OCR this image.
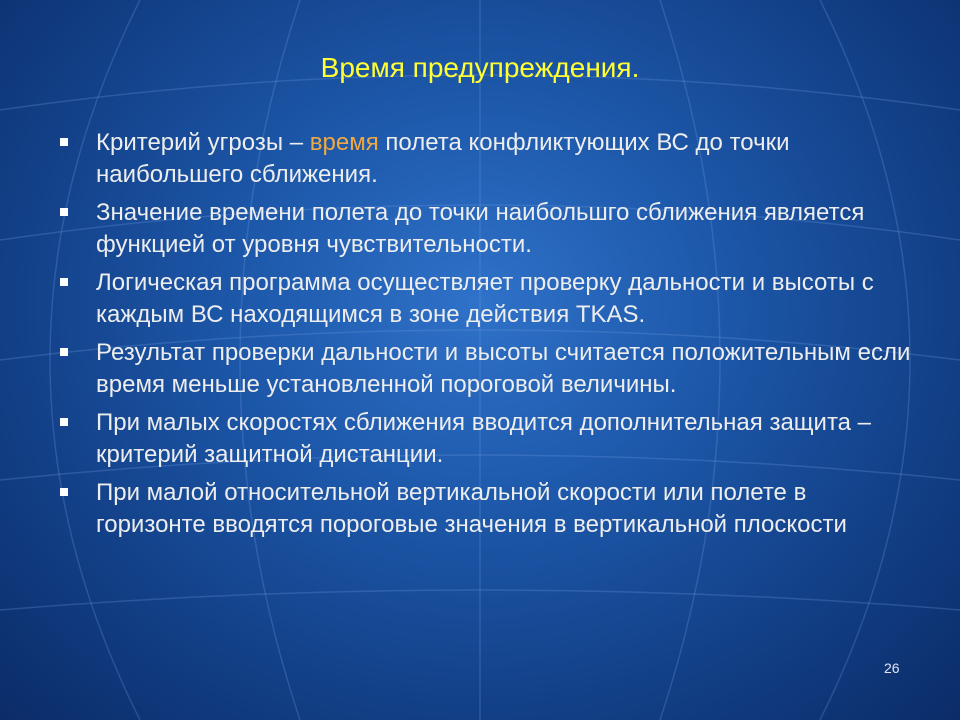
Время предупреждения.
Критерий угрозы – время полета конфликтующих ВС до точки наибольшего сближения.
Значение времени полета до точки наибольшго сближения является функцией от уровня чувствительности.
Логическая программа осуществляет проверку дальности и высоты с каждым ВС находящимся в зоне действия TKAS.
Результат проверки дальности и высоты считается положительным если время меньше установленной пороговой величины.
При малых скоростях сближения вводится дополнительная защита – критерий защитной дистанции.
При малой относительной вертикальной скорости или полете в горизонте вводятся пороговые значения в вертикальной плоскости
26
